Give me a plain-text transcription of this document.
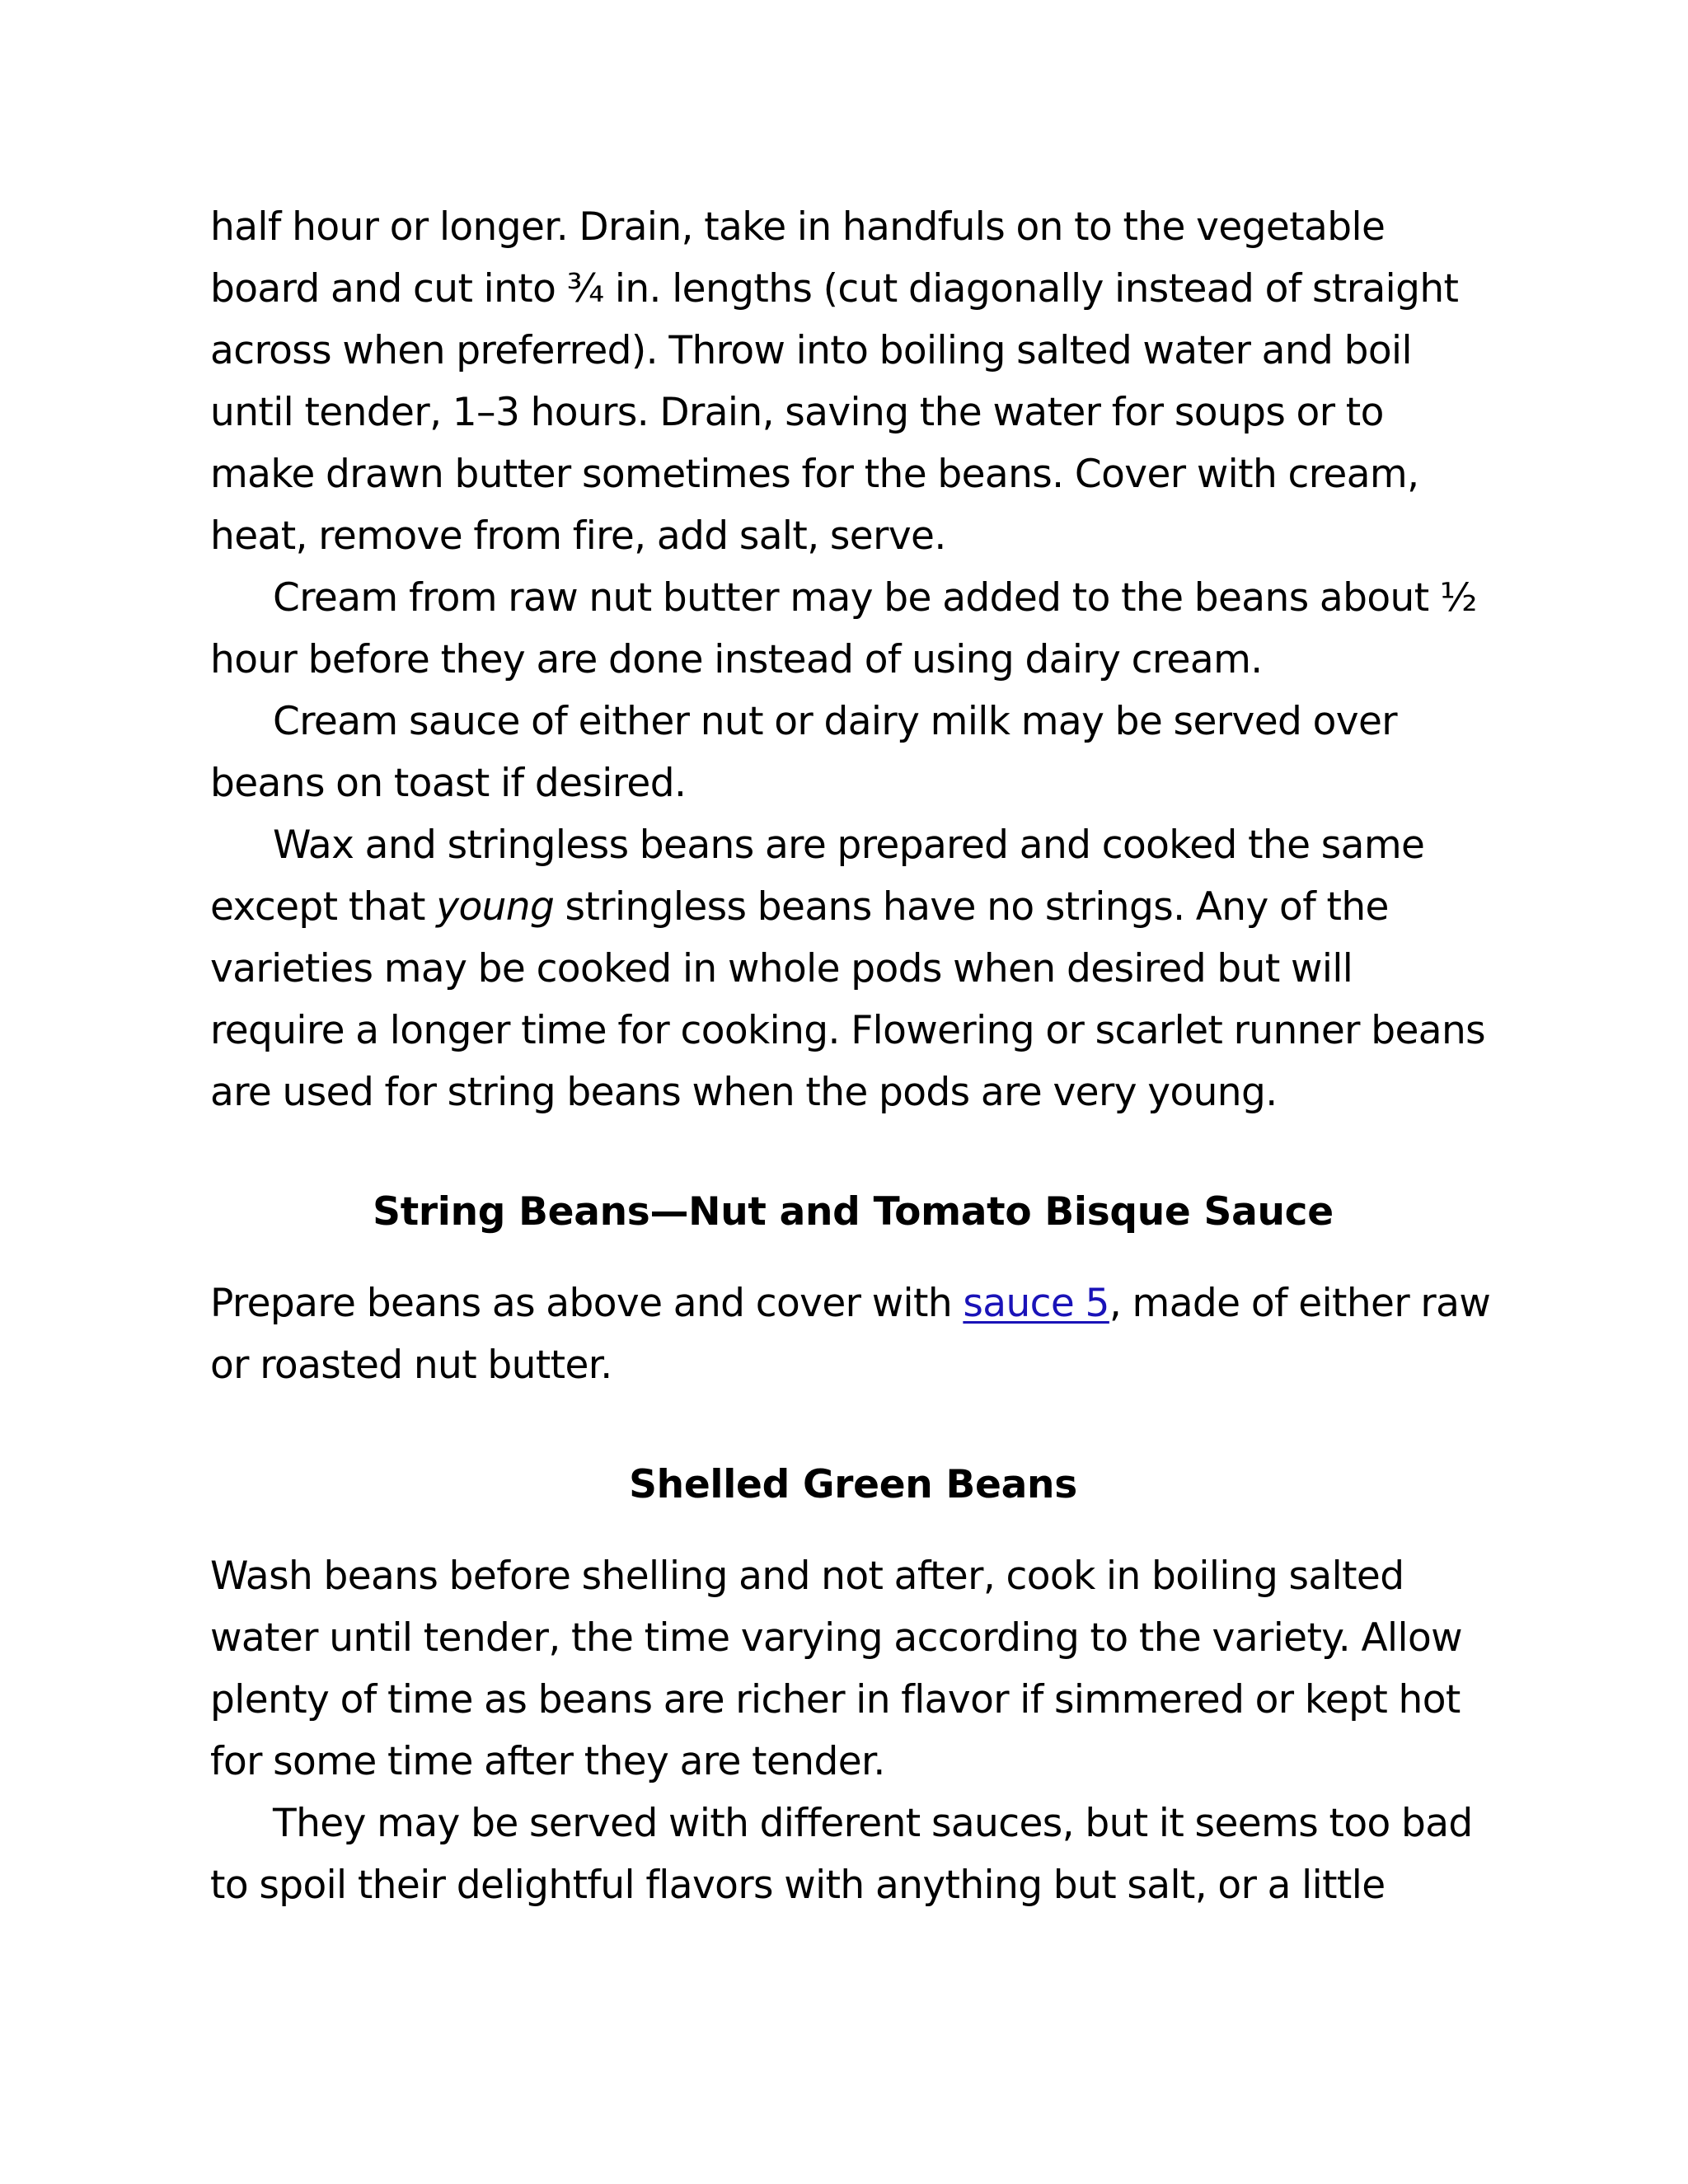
half hour or longer. Drain, take in handfuls on to the vegetable board and cut into ¾ in. lengths (cut diagonally instead of straight across when preferred). Throw into boiling salted water and boil until tender, 1–3 hours. Drain, saving the water for soups or to make drawn butter sometimes for the beans. Cover with cream, heat, remove from fire, add salt, serve.

Cream from raw nut butter may be added to the beans about ½ hour before they are done instead of using dairy cream.

Cream sauce of either nut or dairy milk may be served over beans on toast if desired.

Wax and stringless beans are prepared and cooked the same except that young stringless beans have no strings. Any of the varieties may be cooked in whole pods when desired but will require a longer time for cooking. Flowering or scarlet runner beans are used for string beans when the pods are very young.

String Beans—Nut and Tomato Bisque Sauce

Prepare beans as above and cover with sauce 5, made of either raw or roasted nut butter.

Shelled Green Beans

Wash beans before shelling and not after, cook in boiling salted water until tender, the time varying according to the variety. Allow plenty of time as beans are richer in flavor if simmered or kept hot for some time after they are tender.

They may be served with different sauces, but it seems too bad to spoil their delightful flavors with anything but salt, or a little
